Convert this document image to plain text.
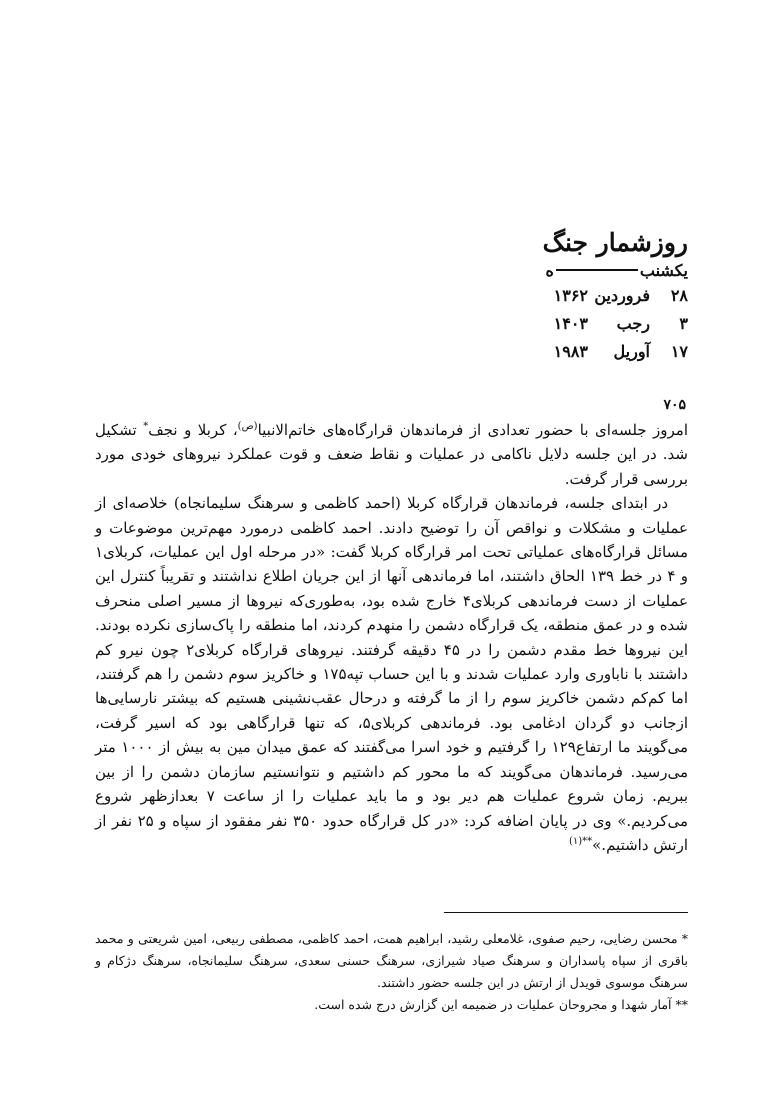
روزشمار جنگ
یکشنبه
۲۸فروردین۱۳۶۲
۳رجب۱۴۰۳
۱۷آوریل۱۹۸۳
۷۰۵

امروز جلسه‌ای با حضور تعدادی از فرماندهان قرارگاه‌های خاتم‌الانبیا$^{(ص)}$، کربلا و نجف* تشکیل شد. در این جلسه دلایل ناکامی در عملیات و نقاط ضعف و قوت عملکرد نیروهای خودی مورد بررسی قرار گرفت.

در ابتدای جلسه، فرماندهان قرارگاه کربلا (احمد کاظمی و سرهنگ سلیمانجاه) خلاصه‌ای از عملیات و مشکلات و نواقص آن را توضیح دادند. احمد کاظمی درمورد مهم‌ترین موضوعات و مسائل قرارگاه‌های عملیاتی تحت امر قرارگاه کربلا گفت: «در مرحله اول این عملیات، کربلای۱ و ۴ در خط ۱۳۹ الحاق داشتند، اما فرماندهی آنها از این جریان اطلاع نداشتند و تقریباً کنترل این عملیات از دست فرماندهی کربلای۴ خارج شده بود، به‌طوری‌که نیروها از مسیر اصلی منحرف شده و در عمق منطقه، یک قرارگاه دشمن را منهدم کردند، اما منطقه را پاک‌سازی نکرده بودند. این نیروها خط مقدم دشمن را در ۴۵ دقیقه گرفتند. نیروهای قرارگاه کربلای۲ چون نیرو کم داشتند با ناباوری وارد عملیات شدند و با این حساب تپه۱۷۵ و خاکریز سوم دشمن را هم گرفتند، اما کم‌کم دشمن خاکریز سوم را از ما گرفته و درحال عقب‌نشینی هستیم که بیشتر نارسایی‌ها ازجانب دو گردان ادغامی بود. فرماندهی کربلای۵، که تنها قرارگاهی بود که اسیر گرفت، می‌گویند ما ارتفاع۱۲۹ را گرفتیم و خود اسرا می‌گفتند که عمق میدان مین به بیش از ۱۰۰۰ متر می‌رسید. فرماندهان می‌گویند که ما محور کم داشتیم و نتوانستیم سازمان دشمن را از بین ببریم. زمان شروع عملیات هم دیر بود و ما باید عملیات را از ساعت ۷ بعدازظهر شروع می‌کردیم.» وی در پایان اضافه کرد: «در کل قرارگاه حدود ۳۵۰ نفر مفقود از سپاه و ۲۵ نفر از ارتش داشتیم.»$^{**(۱)}$

* محسن رضایی، رحیم صفوی، غلامعلی رشید، ابراهیم همت، احمد کاظمی، مصطفی ربیعی، امین شریعتی و محمد باقری از سپاه پاسداران و سرهنگ صیاد شیرازی، سرهنگ حسنی سعدی، سرهنگ سلیمانجاه، سرهنگ دژکام و سرهنگ موسوی قویدل از ارتش در این جلسه حضور داشتند.

** آمار شهدا و مجروحان عملیات در ضمیمه این گزارش درج شده است.
